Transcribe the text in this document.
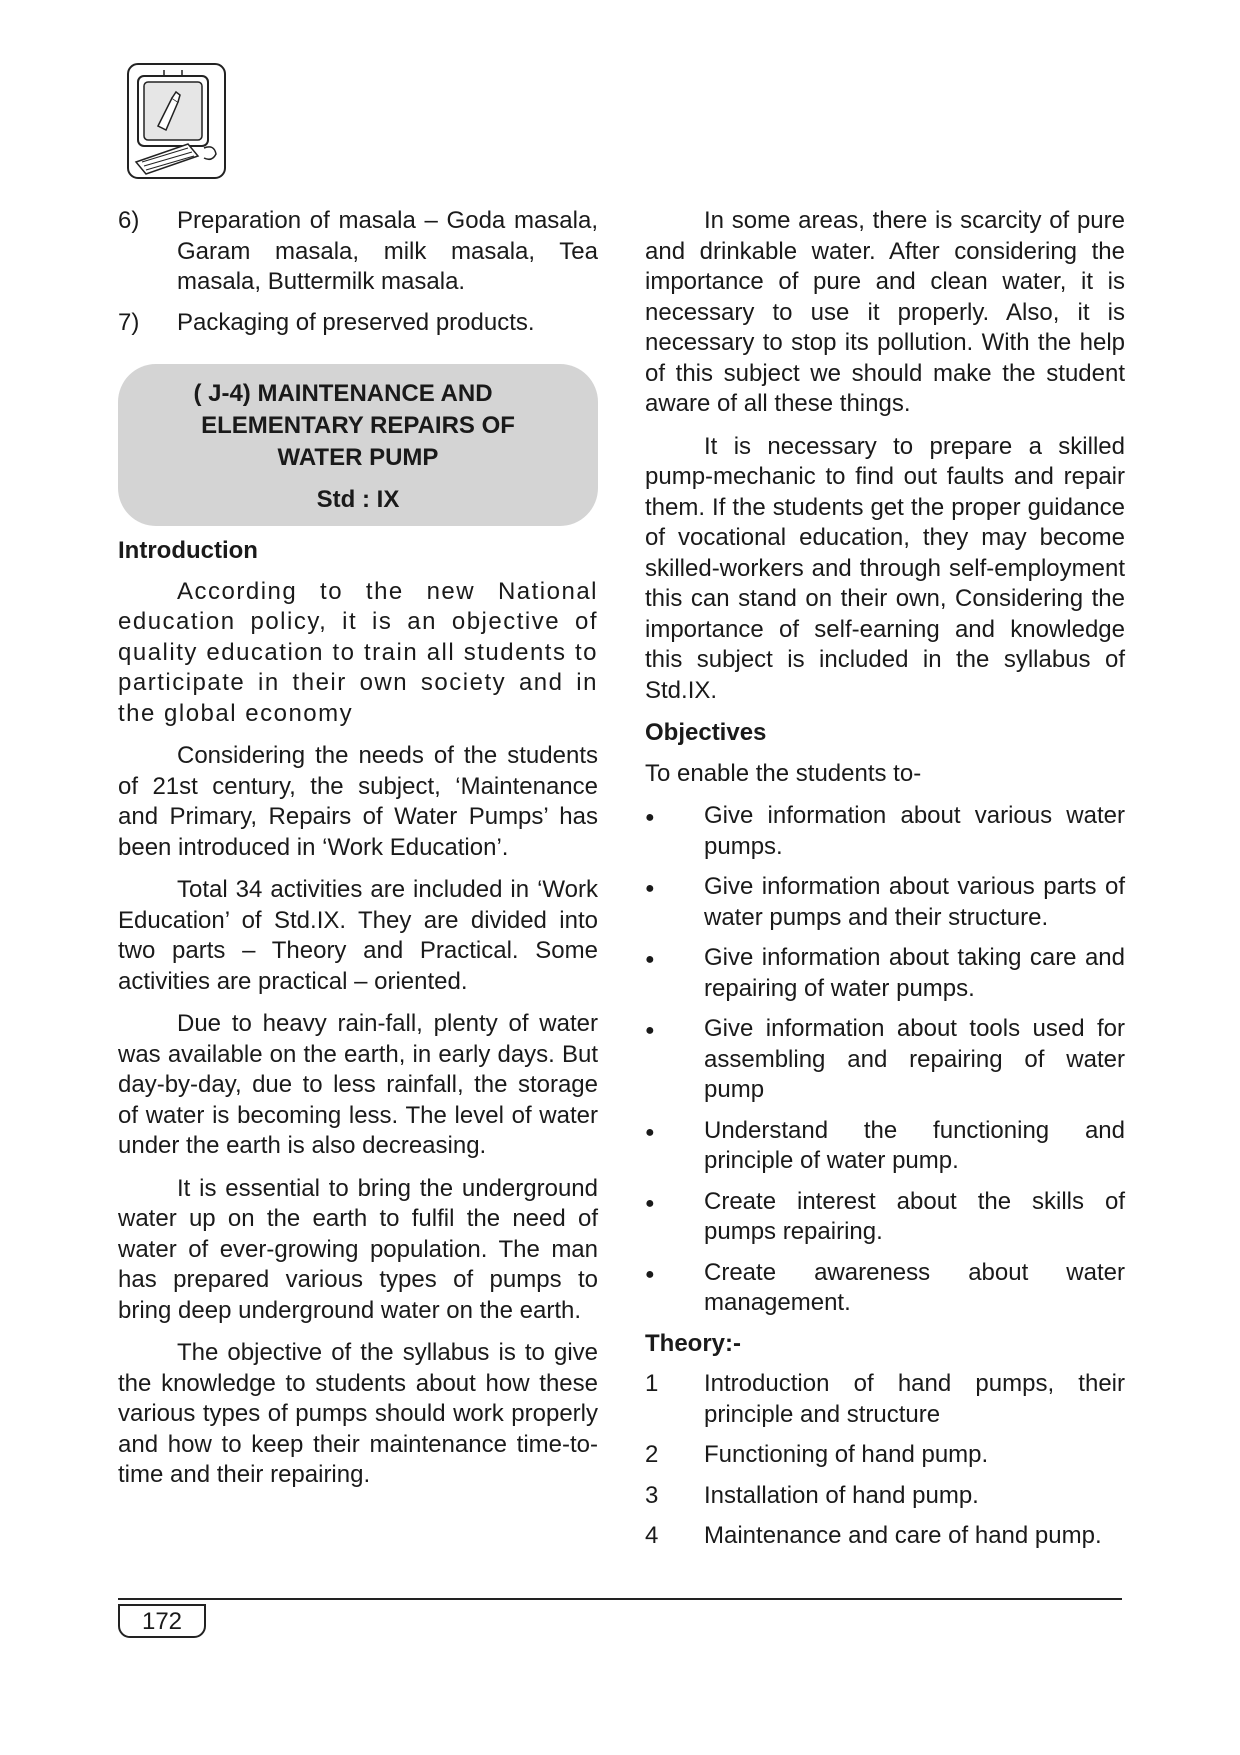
6)	Preparation of masala – Goda masala, Garam masala, milk masala, Tea masala, Buttermilk masala.
7)	Packaging of preserved products.
( J-4) MAINTENANCE AND
ELEMENTARY REPAIRS OF
WATER PUMP
Std : IX
Introduction

According to the new National education policy, it is an objective of quality education to train all students to participate in their own society and in the global economy

Considering the needs of the students of 21st century, the subject, ‘Maintenance and Primary, Repairs of Water Pumps’ has been introduced in ‘Work Education’.

Total 34 activities are included in ‘Work Education’ of Std.IX. They are divided into two parts – Theory and Practical. Some activities are practical – oriented.

Due to heavy rain-fall, plenty of water was available on the earth, in early days. But day-by-day, due to less rainfall, the storage of water is becoming less. The level of water under the earth is also decreasing.

It is essential to bring the underground water up on the earth to fulfil the need of water of ever-growing population. The man has prepared various types of pumps to bring deep underground water on the earth.

The objective of the syllabus is to give the knowledge to students about how these various types of pumps should work properly and how to keep their maintenance time-to-time and their repairing.

In some areas, there is scarcity of pure and drinkable water. After considering the importance of pure and clean water, it is necessary to use it properly. Also, it is necessary to stop its pollution. With the help of this subject we should make the student aware of all these things.

It is necessary to prepare a skilled pump-mechanic to find out faults and repair them. If the students get the proper guidance of vocational education, they may become skilled-workers and through self-employment this can stand on their own, Considering the importance of self-earning and knowledge this subject is included in the syllabus of Std.IX.

Objectives

To enable the students to-

●	Give information about various water pumps.
●	Give information about various parts of water pumps and their structure.
●	Give information about taking care and repairing of water pumps.
●	Give information about tools used for assembling and repairing of water pump
●	Understand the functioning and principle of water pump.
●	Create interest about the skills of pumps repairing.
●	Create awareness about water management.
Theory:-
1	Introduction of hand pumps, their principle and structure
2	Functioning of hand pump.
3	Installation of hand pump.
4	Maintenance and care of hand pump.
172
